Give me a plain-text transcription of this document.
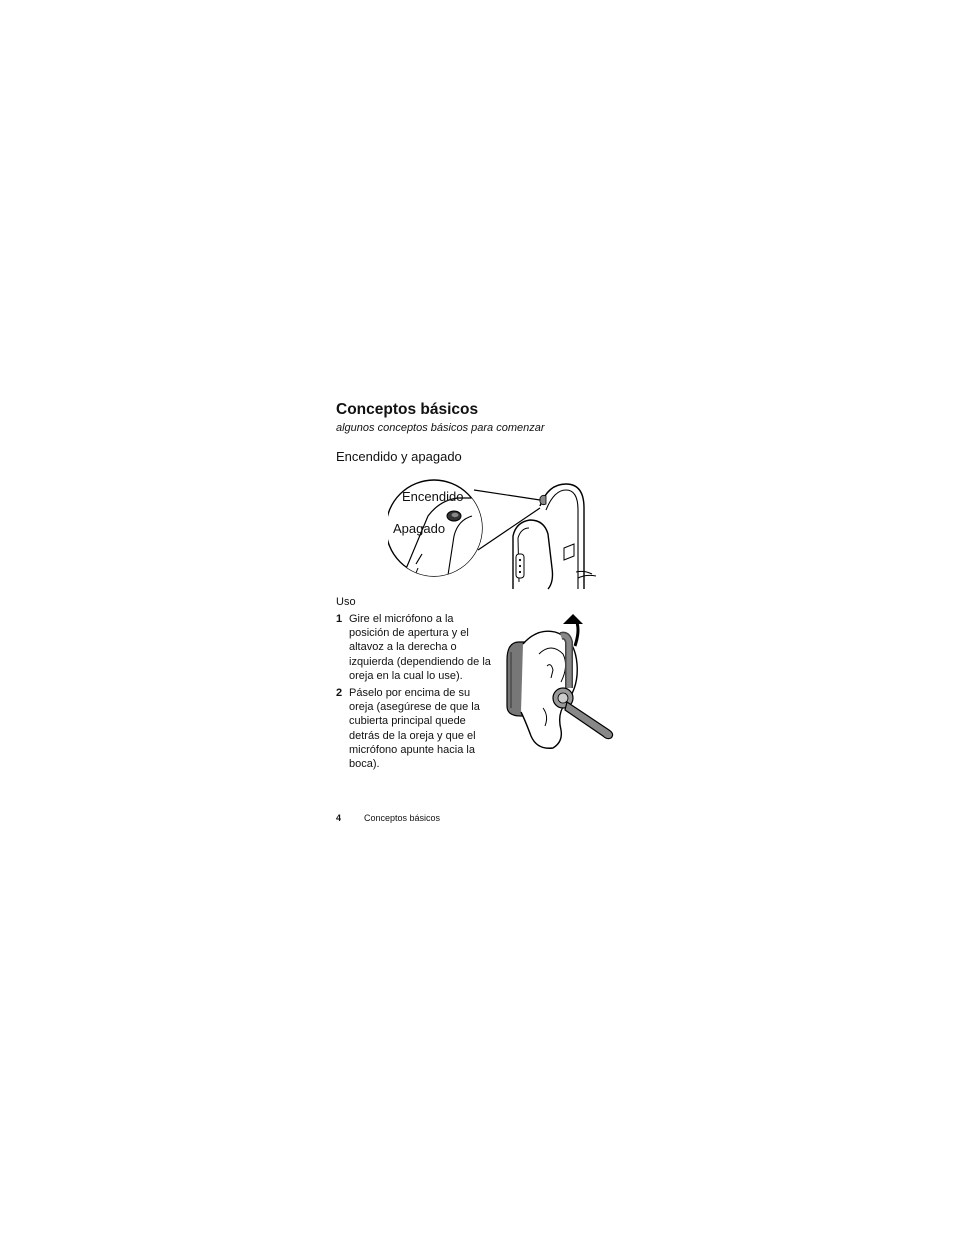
Conceptos básicos
algunos conceptos básicos para comenzar
Encendido y apagado
Encendido
Apagado
Uso
1 Gire el micrófono a la posición de apertura y el altavoz a la derecha o izquierda (dependiendo de la oreja en la cual lo use).
2 Páselo por encima de su oreja (asegúrese de que la cubierta principal quede detrás de la oreja y que el micrófono apunte hacia la boca).
4	Conceptos básicos
